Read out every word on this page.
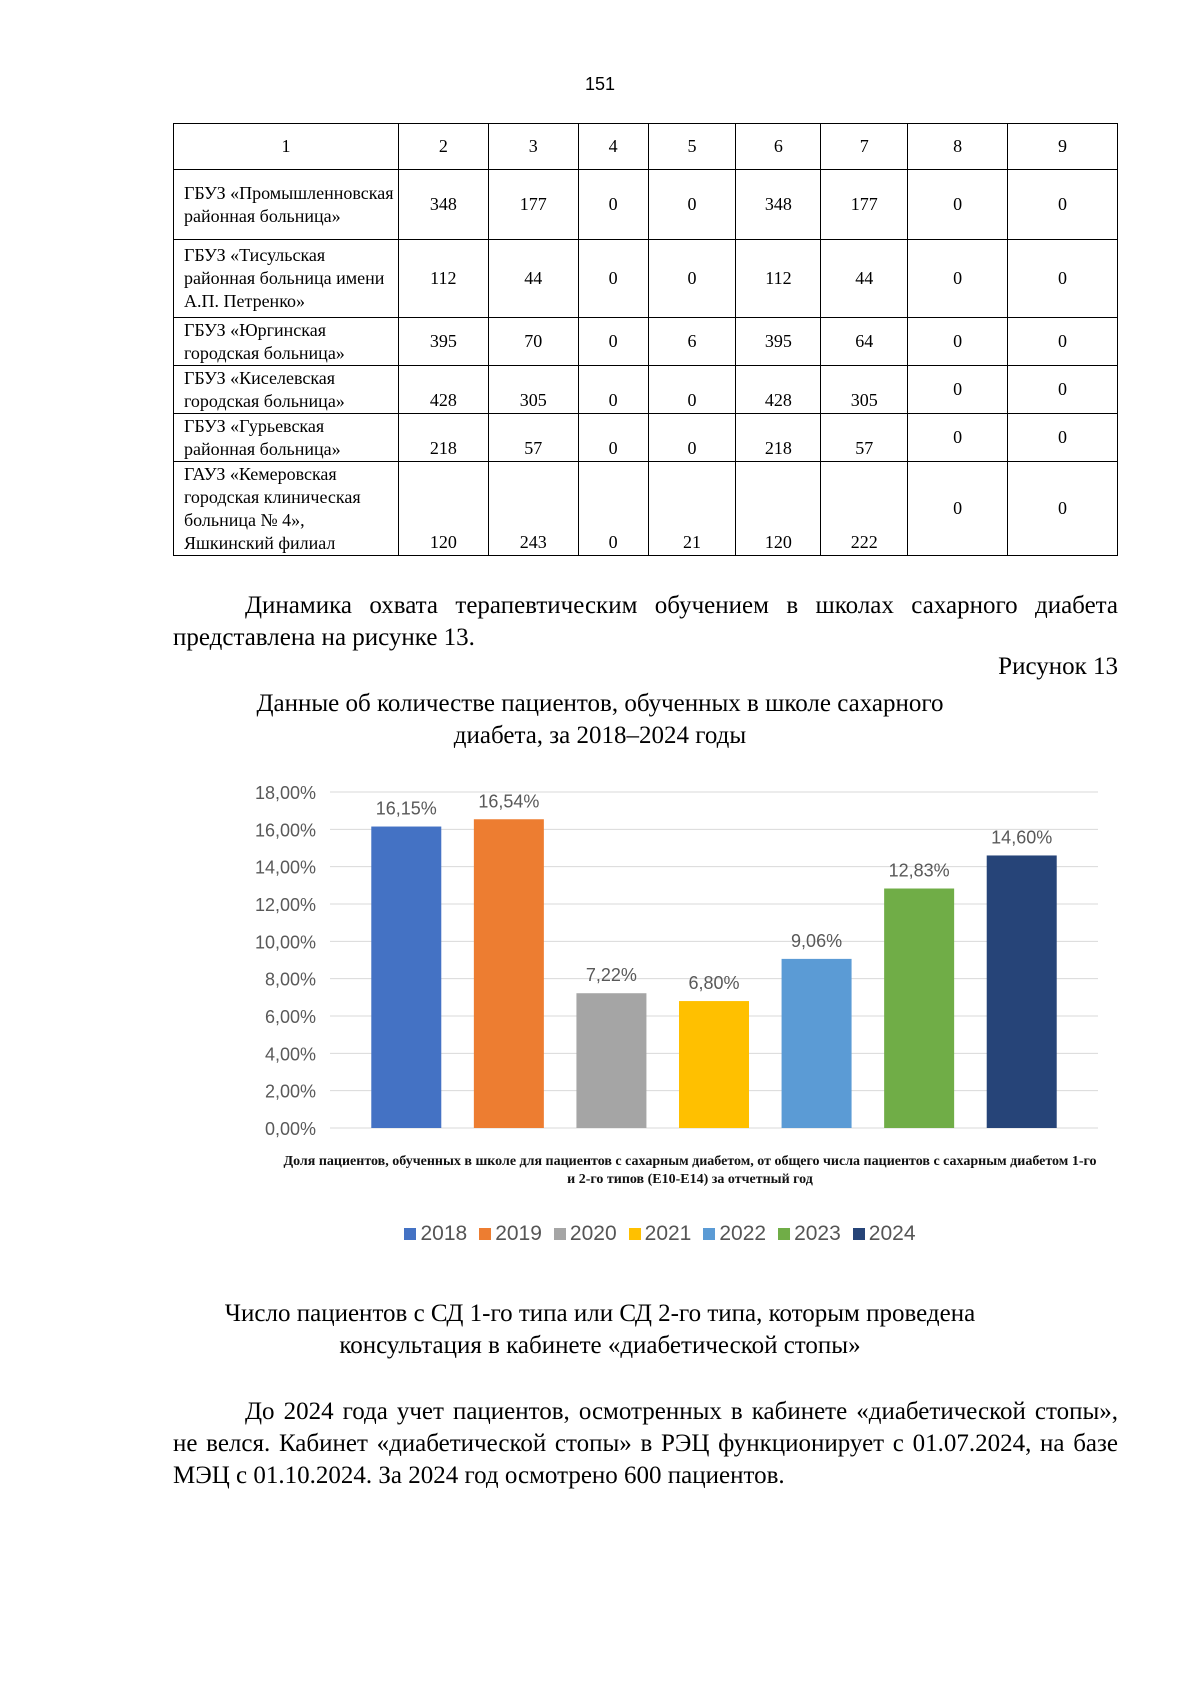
151
1	2	3	4	5	6	7	8	9
ГБУЗ «Промышленновская районная больница»	348	177	0	0	348	177	0	0
ГБУЗ «Тисульская районная больница имени А.П. Петренко»	112	44	0	0	112	44	0	0
ГБУЗ «Юргинская городская больница»	395	70	0	6	395	64	0	0
ГБУЗ «Киселевская городская больница»	428	305	0	0	428	305	0	0
ГБУЗ «Гурьевская районная больница»	218	57	0	0	218	57	0	0
ГАУЗ «Кемеровская городская клиническая больница № 4», Яшкинский филиал	120	243	0	21	120	222	0	0
Динамика охвата терапевтическим обучением в школах сахарного диабета представлена на рисунке 13.
Рисунок 13
Данные об количестве пациентов, обученных в школе сахарного диабета, за 2018–2024 годы
0,00%
2,00%
4,00%
6,00%
8,00%
10,00%
12,00%
14,00%
16,00%
18,00%
16,15% 16,54%
7,22%	6,80%
9,06%
12,83%
14,60%
Доля пациентов, обученных в школе для пациентов с сахарным диабетом, от общего числа пациентов с сахарным диабетом 1-го и 2-го типов (Е10-Е14) за отчетный год
2018 2019 2020 2021 2022 2023 2024
Число пациентов с СД 1-го типа или СД 2-го типа, которым проведена консультация в кабинете «диабетической стопы»
До 2024 года учет пациентов, осмотренных в кабинете «диабетической стопы», не велся. Кабинет «диабетической стопы» в РЭЦ функционирует с 01.07.2024, на базе МЭЦ с 01.10.2024. За 2024 год осмотрено 600 пациентов.
